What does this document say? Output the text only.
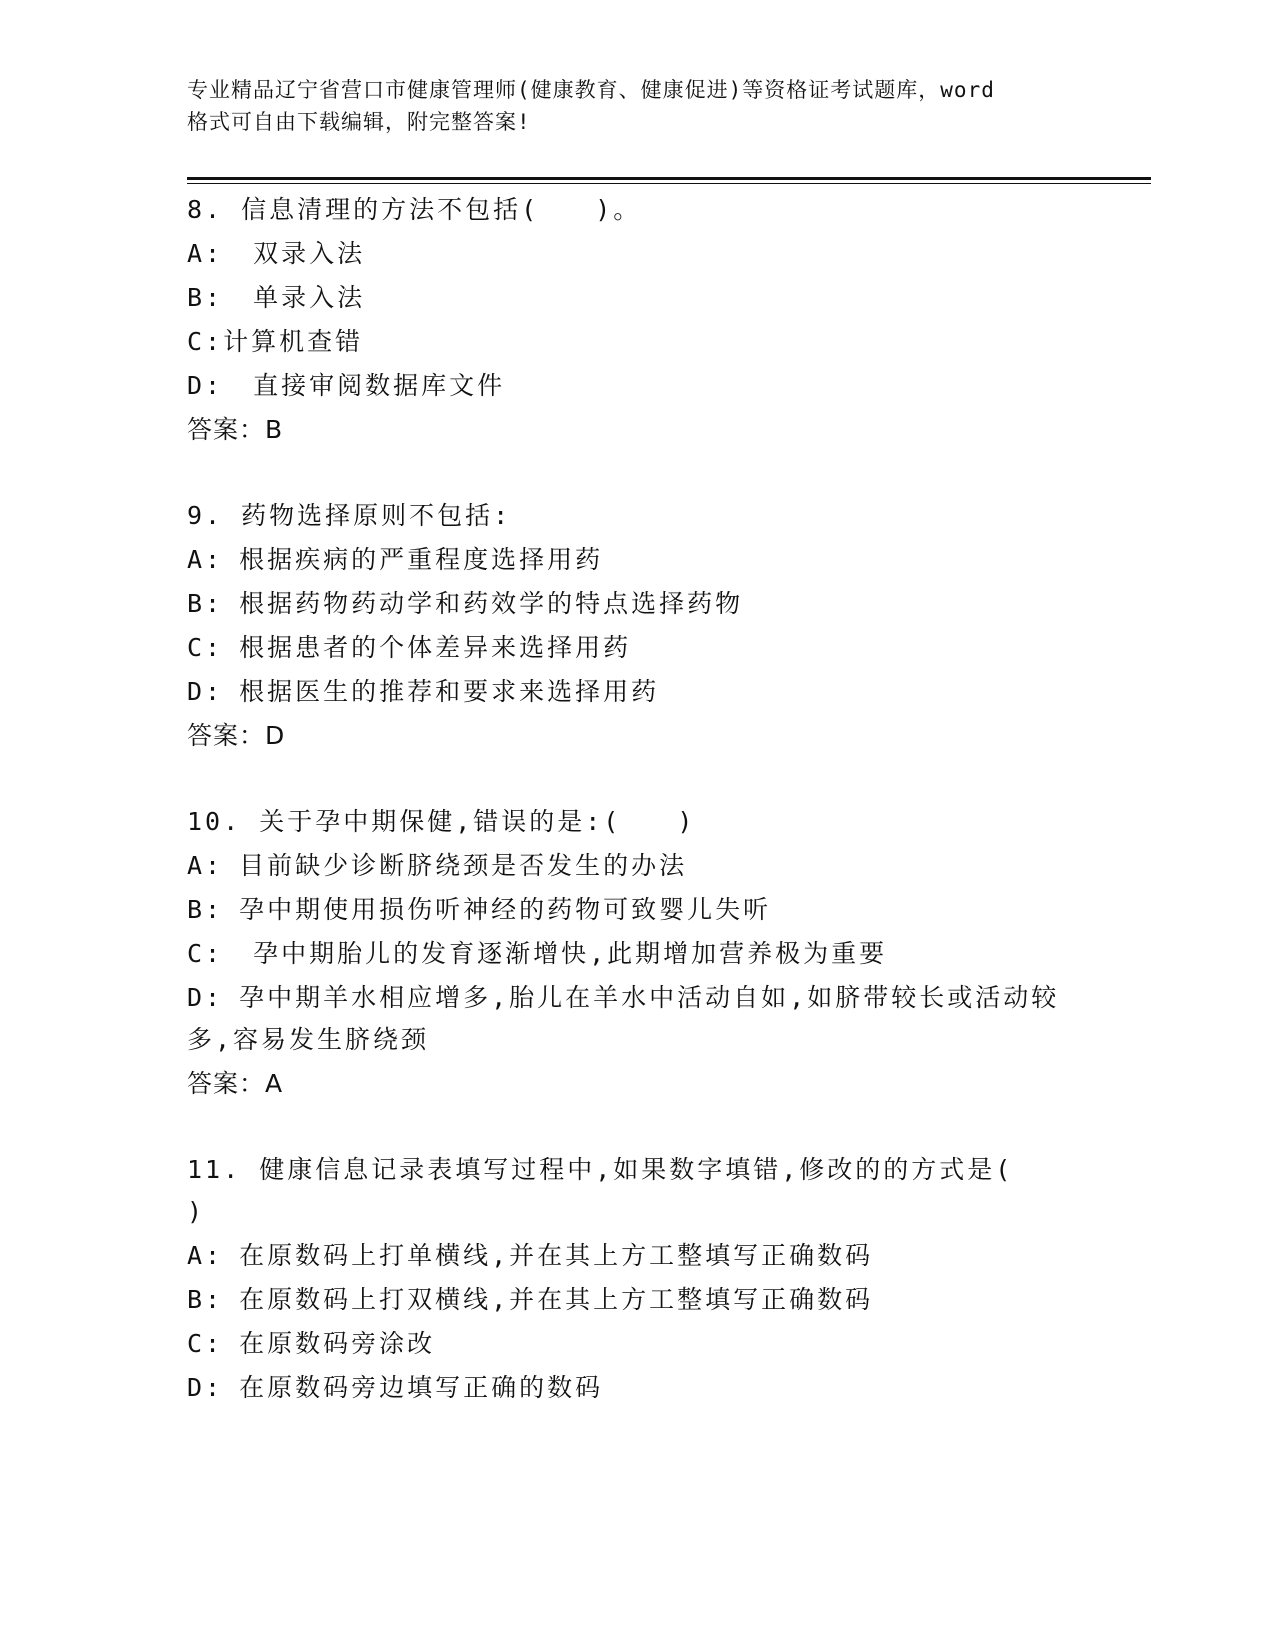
专业精品辽宁省营口市健康管理师(健康教育、健康促进)等资格证考试题库，word
格式可自由下载编辑，附完整答案!
8. 信息清理的方法不包括(　　)。
A: 双录入法
B: 单录入法
C:计算机查错
D: 直接审阅数据库文件
答案：B
9. 药物选择原则不包括:
A: 根据疾病的严重程度选择用药
B: 根据药物药动学和药效学的特点选择药物
C: 根据患者的个体差异来选择用药
D: 根据医生的推荐和要求来选择用药
答案：D
10. 关于孕中期保健,错误的是:(　　)
A: 目前缺少诊断脐绕颈是否发生的办法
B: 孕中期使用损伤听神经的药物可致婴儿失听
C: 孕中期胎儿的发育逐渐增快,此期增加营养极为重要
D: 孕中期羊水相应增多,胎儿在羊水中活动自如,如脐带较长或活动较
多,容易发生脐绕颈
答案：A
11. 健康信息记录表填写过程中,如果数字填错,修改的的方式是(
)
A: 在原数码上打单横线,并在其上方工整填写正确数码
B: 在原数码上打双横线,并在其上方工整填写正确数码
C: 在原数码旁涂改
D: 在原数码旁边填写正确的数码
